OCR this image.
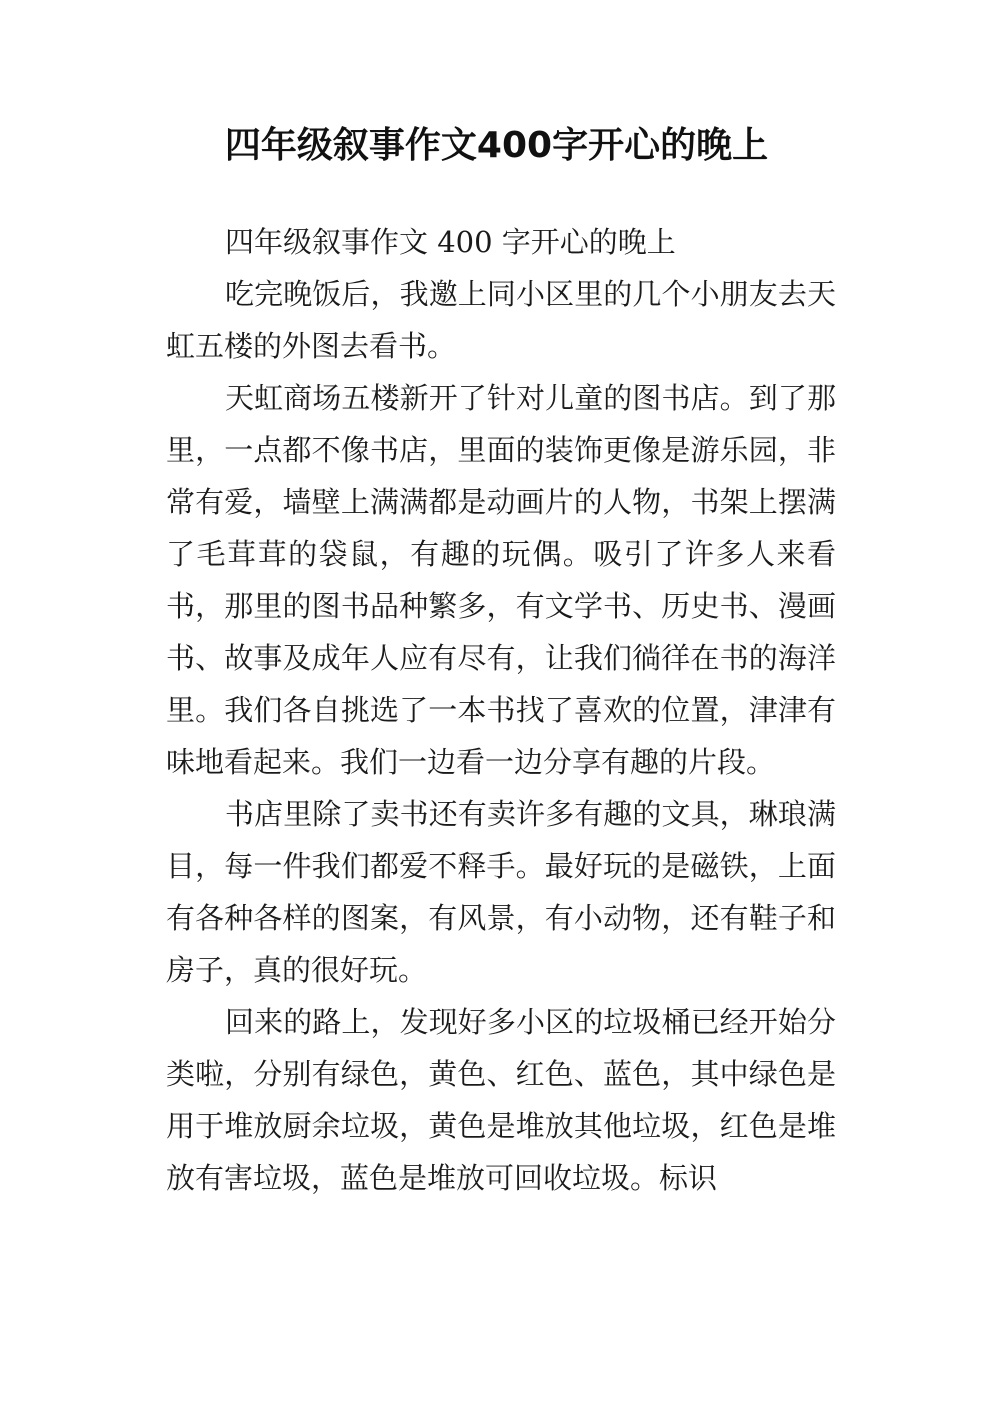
四年级叙事作文400字开心的晚上

四年级叙事作文 400 字开心的晚上

吃完晚饭后，我邀上同小区里的几个小朋友去天虹五楼的外图去看书。

天虹商场五楼新开了针对儿童的图书店。到了那里，一点都不像书店，里面的装饰更像是游乐园，非常有爱，墙壁上满满都是动画片的人物，书架上摆满了毛茸茸的袋鼠，有趣的玩偶。吸引了许多人来看书，那里的图书品种繁多，有文学书、历史书、漫画书、故事及成年人应有尽有，让我们徜徉在书的海洋里。我们各自挑选了一本书找了喜欢的位置，津津有味地看起来。我们一边看一边分享有趣的片段。

书店里除了卖书还有卖许多有趣的文具，琳琅满目，每一件我们都爱不释手。最好玩的是磁铁，上面有各种各样的图案，有风景，有小动物，还有鞋子和房子，真的很好玩。

回来的路上，发现好多小区的垃圾桶已经开始分类啦，分别有绿色，黄色、红色、蓝色，其中绿色是用于堆放厨余垃圾，黄色是堆放其他垃圾，红色是堆放有害垃圾，蓝色是堆放可回收垃圾。标识
